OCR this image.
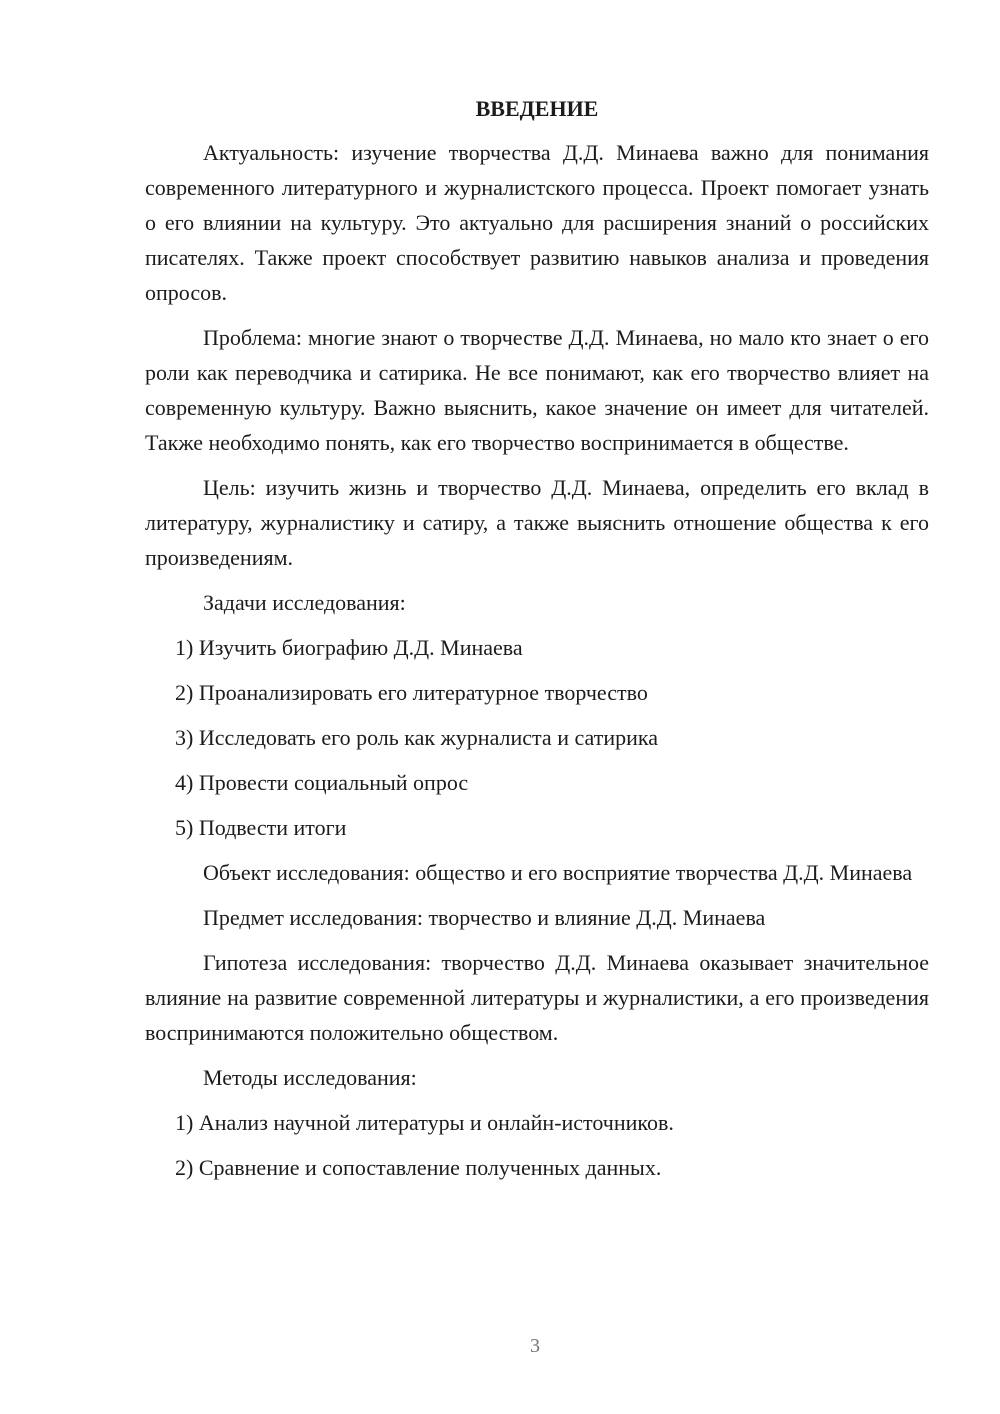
ВВЕДЕНИЕ

Актуальность: изучение творчества Д.Д. Минаева важно для понимания современного литературного и журналистского процесса. Проект помогает узнать о его влиянии на культуру. Это актуально для расширения знаний о российских писателях. Также проект способствует развитию навыков анализа и проведения опросов.

Проблема: многие знают о творчестве Д.Д. Минаева, но мало кто знает о его роли как переводчика и сатирика. Не все понимают, как его творчество влияет на современную культуру. Важно выяснить, какое значение он имеет для читателей. Также необходимо понять, как его творчество воспринимается в обществе.

Цель: изучить жизнь и творчество Д.Д. Минаева, определить его вклад в литературу, журналистику и сатиру, а также выяснить отношение общества к его произведениям.

Задачи исследования:
1) Изучить биографию Д.Д. Минаева
2) Проанализировать его литературное творчество
3) Исследовать его роль как журналиста и сатирика
4) Провести социальный опрос
5) Подвести итоги

Объект исследования: общество и его восприятие творчества Д.Д. Минаева

Предмет исследования: творчество и влияние Д.Д. Минаева

Гипотеза исследования: творчество Д.Д. Минаева оказывает значительное влияние на развитие современной литературы и журналистики, а его произведения воспринимаются положительно обществом.

Методы исследования:
1) Анализ научной литературы и онлайн-источников.
2) Сравнение и сопоставление полученных данных.
3
